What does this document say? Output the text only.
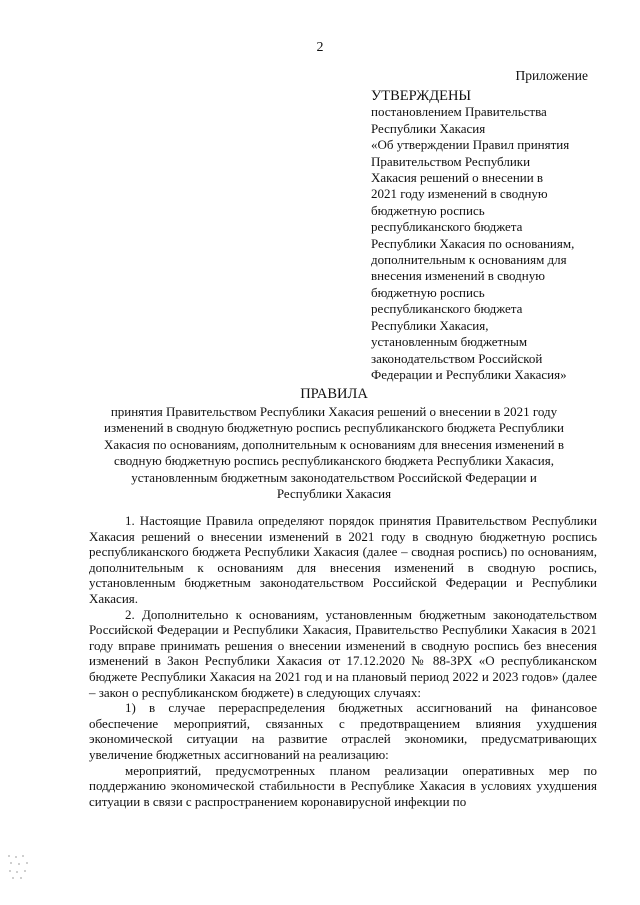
2
Приложение
УТВЕРЖДЕНЫ
постановлением Правительства
Республики Хакасия
«Об утверждении Правил принятия
Правительством Республики
Хакасия решений о внесении в
2021 году изменений в сводную
бюджетную роспись
республиканского бюджета
Республики Хакасия по основаниям,
дополнительным к основаниям для
внесения изменений в сводную
бюджетную роспись
республиканского бюджета
Республики Хакасия,
установленным бюджетным
законодательством Российской
Федерации и Республики Хакасия»
ПРАВИЛА
принятия Правительством Республики Хакасия решений о внесении в 2021 году
изменений в сводную бюджетную роспись республиканского бюджета Республики
Хакасия по основаниям, дополнительным к основаниям для внесения изменений в
сводную бюджетную роспись республиканского бюджета Республики Хакасия,
установленным бюджетным законодательством Российской Федерации и
Республики Хакасия

1. Настоящие Правила определяют порядок принятия Правительством Республики Хакасия решений о внесении изменений в 2021 году в сводную бюджетную роспись республиканского бюджета Республики Хакасия (далее – сводная роспись) по основаниям, дополнительным к основаниям для внесения изменений в сводную роспись, установленным бюджетным законодательством Российской Федерации и Республики Хакасия.

2. Дополнительно к основаниям, установленным бюджетным законодательством Российской Федерации и Республики Хакасия, Правительство Республики Хакасия в 2021 году вправе принимать решения о внесении изменений в сводную роспись без внесения изменений в Закон Республики Хакасия от 17.12.2020 № 88-ЗРХ «О республиканском бюджете Республики Хакасия на 2021 год и на плановый период 2022 и 2023 годов» (далее – закон о республиканском бюджете) в следующих случаях:

1) в случае перераспределения бюджетных ассигнований на финансовое обеспечение мероприятий, связанных с предотвращением влияния ухудшения экономической ситуации на развитие отраслей экономики, предусматривающих увеличение бюджетных ассигнований на реализацию:

мероприятий, предусмотренных планом реализации оперативных мер по поддержанию экономической стабильности в Республике Хакасия в условиях ухудшения ситуации в связи с распространением коронавирусной инфекции по
